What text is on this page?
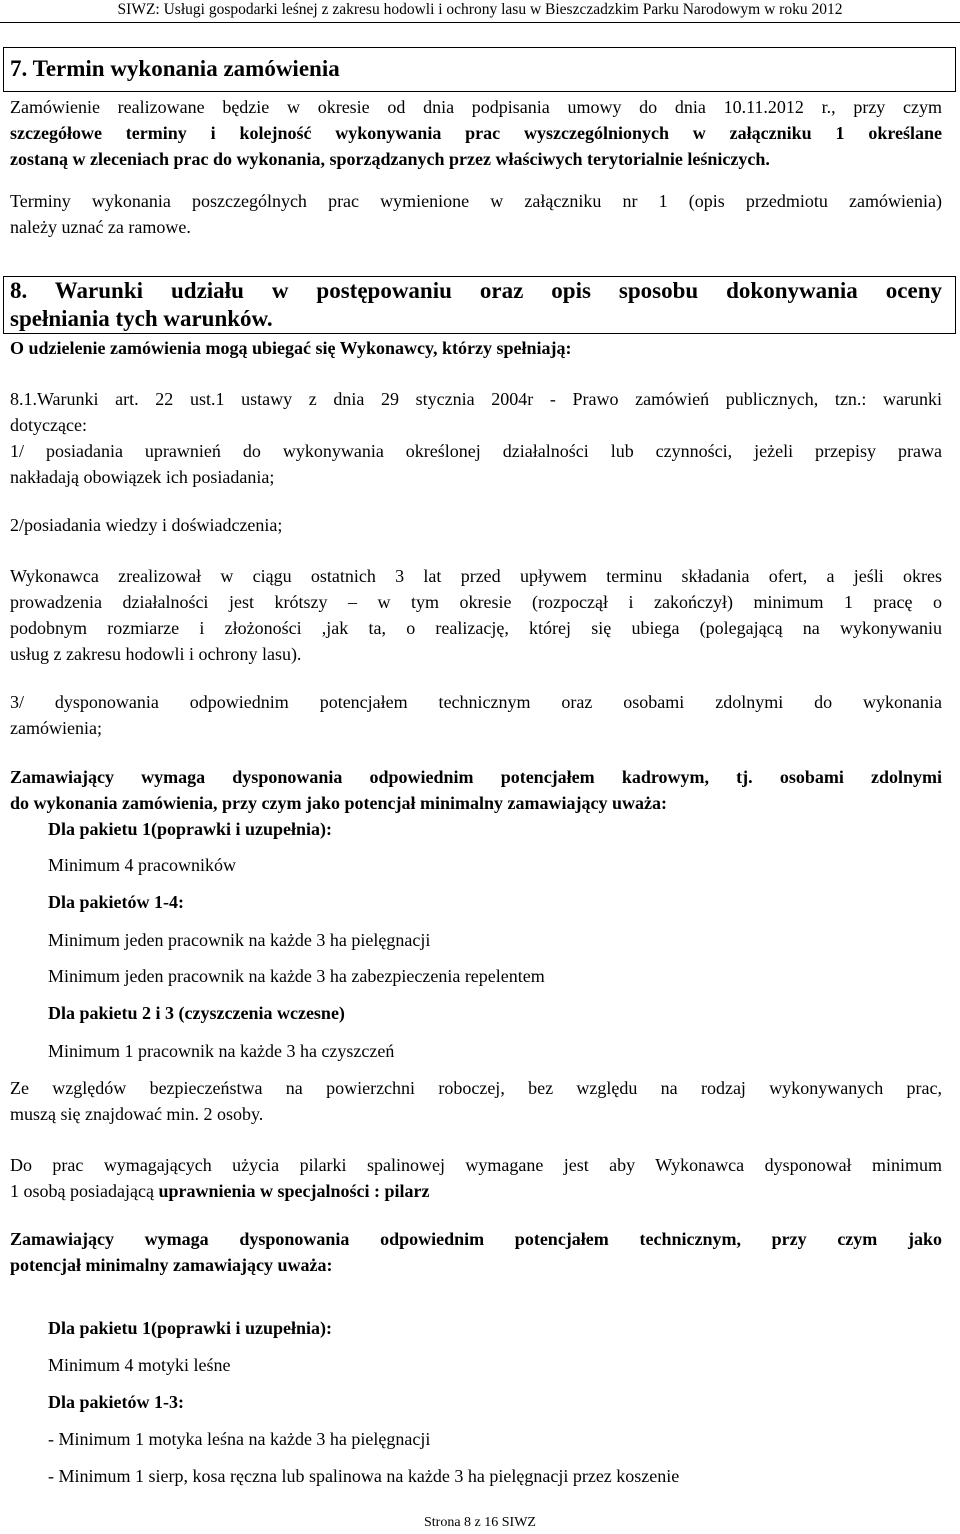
SIWZ: Usługi gospodarki leśnej z zakresu hodowli i ochrony lasu w Bieszczadzkim Parku Narodowym w roku 2012
7. Termin wykonania zamówienia
Zamówienie realizowane będzie w okresie od dnia podpisania umowy do dnia 10.11.2012 r., przy czym
szczegółowe terminy i kolejność wykonywania prac wyszczególnionych w załączniku 1 określane
zostaną w zleceniach prac do wykonania, sporządzanych przez właściwych terytorialnie leśniczych.
Terminy wykonania poszczególnych prac wymienione w załączniku nr 1 (opis przedmiotu zamówienia)
należy uznać za ramowe.
8. Warunki udziału w postępowaniu oraz opis sposobu dokonywania oceny
spełniania tych warunków.
O udzielenie zamówienia mogą ubiegać się Wykonawcy, którzy spełniają:
8.1.Warunki art. 22 ust.1 ustawy z dnia 29 stycznia 2004r - Prawo zamówień publicznych, tzn.: warunki
dotyczące:
1/ posiadania uprawnień do wykonywania określonej działalności lub czynności, jeżeli przepisy prawa
nakładają obowiązek ich posiadania;
2/posiadania wiedzy i doświadczenia;
Wykonawca zrealizował w ciągu ostatnich 3 lat przed upływem terminu składania ofert, a jeśli okres
prowadzenia działalności jest krótszy – w tym okresie (rozpoczął i zakończył) minimum 1 pracę o
podobnym rozmiarze i złożoności ,jak ta, o realizację, której się ubiega (polegającą na wykonywaniu
usług z zakresu hodowli i ochrony lasu).
3/ dysponowania odpowiednim potencjałem technicznym oraz osobami zdolnymi do wykonania
zamówienia;
Zamawiający wymaga dysponowania odpowiednim potencjałem kadrowym, tj. osobami zdolnymi
do wykonania zamówienia, przy czym jako potencjał minimalny zamawiający uważa:
Dla pakietu 1(poprawki i uzupełnia):
Minimum 4 pracowników
Dla pakietów 1-4:
Minimum jeden pracownik na każde 3 ha pielęgnacji
Minimum jeden pracownik na każde 3 ha zabezpieczenia repelentem
Dla pakietu 2 i 3 (czyszczenia wczesne)
Minimum 1 pracownik na każde 3 ha czyszczeń
Ze względów bezpieczeństwa na powierzchni roboczej, bez względu na rodzaj wykonywanych prac,
muszą się znajdować min. 2 osoby.
Do prac wymagających użycia pilarki spalinowej wymagane jest aby Wykonawca dysponował minimum
1 osobą posiadającą uprawnienia w specjalności : pilarz
Zamawiający wymaga dysponowania odpowiednim potencjałem technicznym, przy czym jako
potencjał minimalny zamawiający uważa:
Dla pakietu 1(poprawki i uzupełnia):
Minimum 4 motyki leśne
Dla pakietów 1-3:
- Minimum 1 motyka leśna na każde 3 ha pielęgnacji
- Minimum 1 sierp, kosa ręczna lub spalinowa na każde 3 ha pielęgnacji przez koszenie
Strona 8 z 16 SIWZ
